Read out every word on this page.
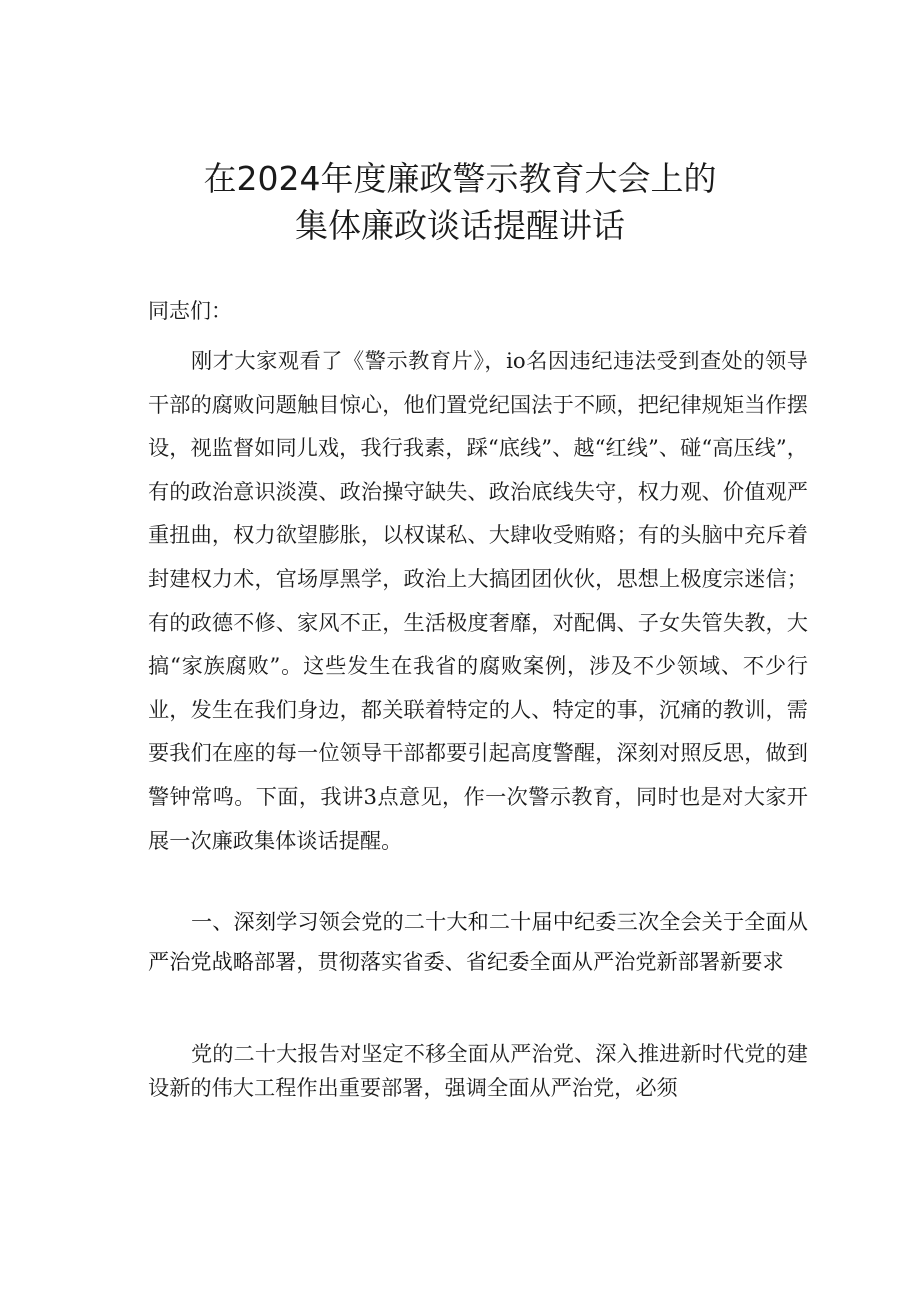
在2024年度廉政警示教育大会上的
集体廉政谈话提醒讲话
同志们：

刚才大家观看了《警示教育片》，io名因违纪违法受到查处的领导干部的腐败问题触目惊心，他们置党纪国法于不顾，把纪律规矩当作摆设，视监督如同儿戏，我行我素，踩“底线”、越“红线”、碰“高压线”，有的政治意识淡漠、政治操守缺失、政治底线失守，权力观、价值观严重扭曲，权力欲望膨胀，以权谋私、大肆收受贿赂；有的头脑中充斥着封建权力术，官场厚黑学，政治上大搞团团伙伙，思想上极度宗迷信；有的政德不修、家风不正，生活极度奢靡，对配偶、子女失管失教，大搞“家族腐败”。这些发生在我省的腐败案例，涉及不少领域、不少行业，发生在我们身边，都关联着特定的人、特定的事，沉痛的教训，需要我们在座的每一位领导干部都要引起高度警醒，深刻对照反思，做到警钟常鸣。下面，我讲3点意见，作一次警示教育，同时也是对大家开展一次廉政集体谈话提醒。

一、深刻学习领会党的二十大和二十届中纪委三次全会关于全面从严治党战略部署，贯彻落实省委、省纪委全面从严治党新部署新要求

党的二十大报告对坚定不移全面从严治党、深入推进新时代党的建设新的伟大工程作出重要部署，强调全面从严治党，必须
